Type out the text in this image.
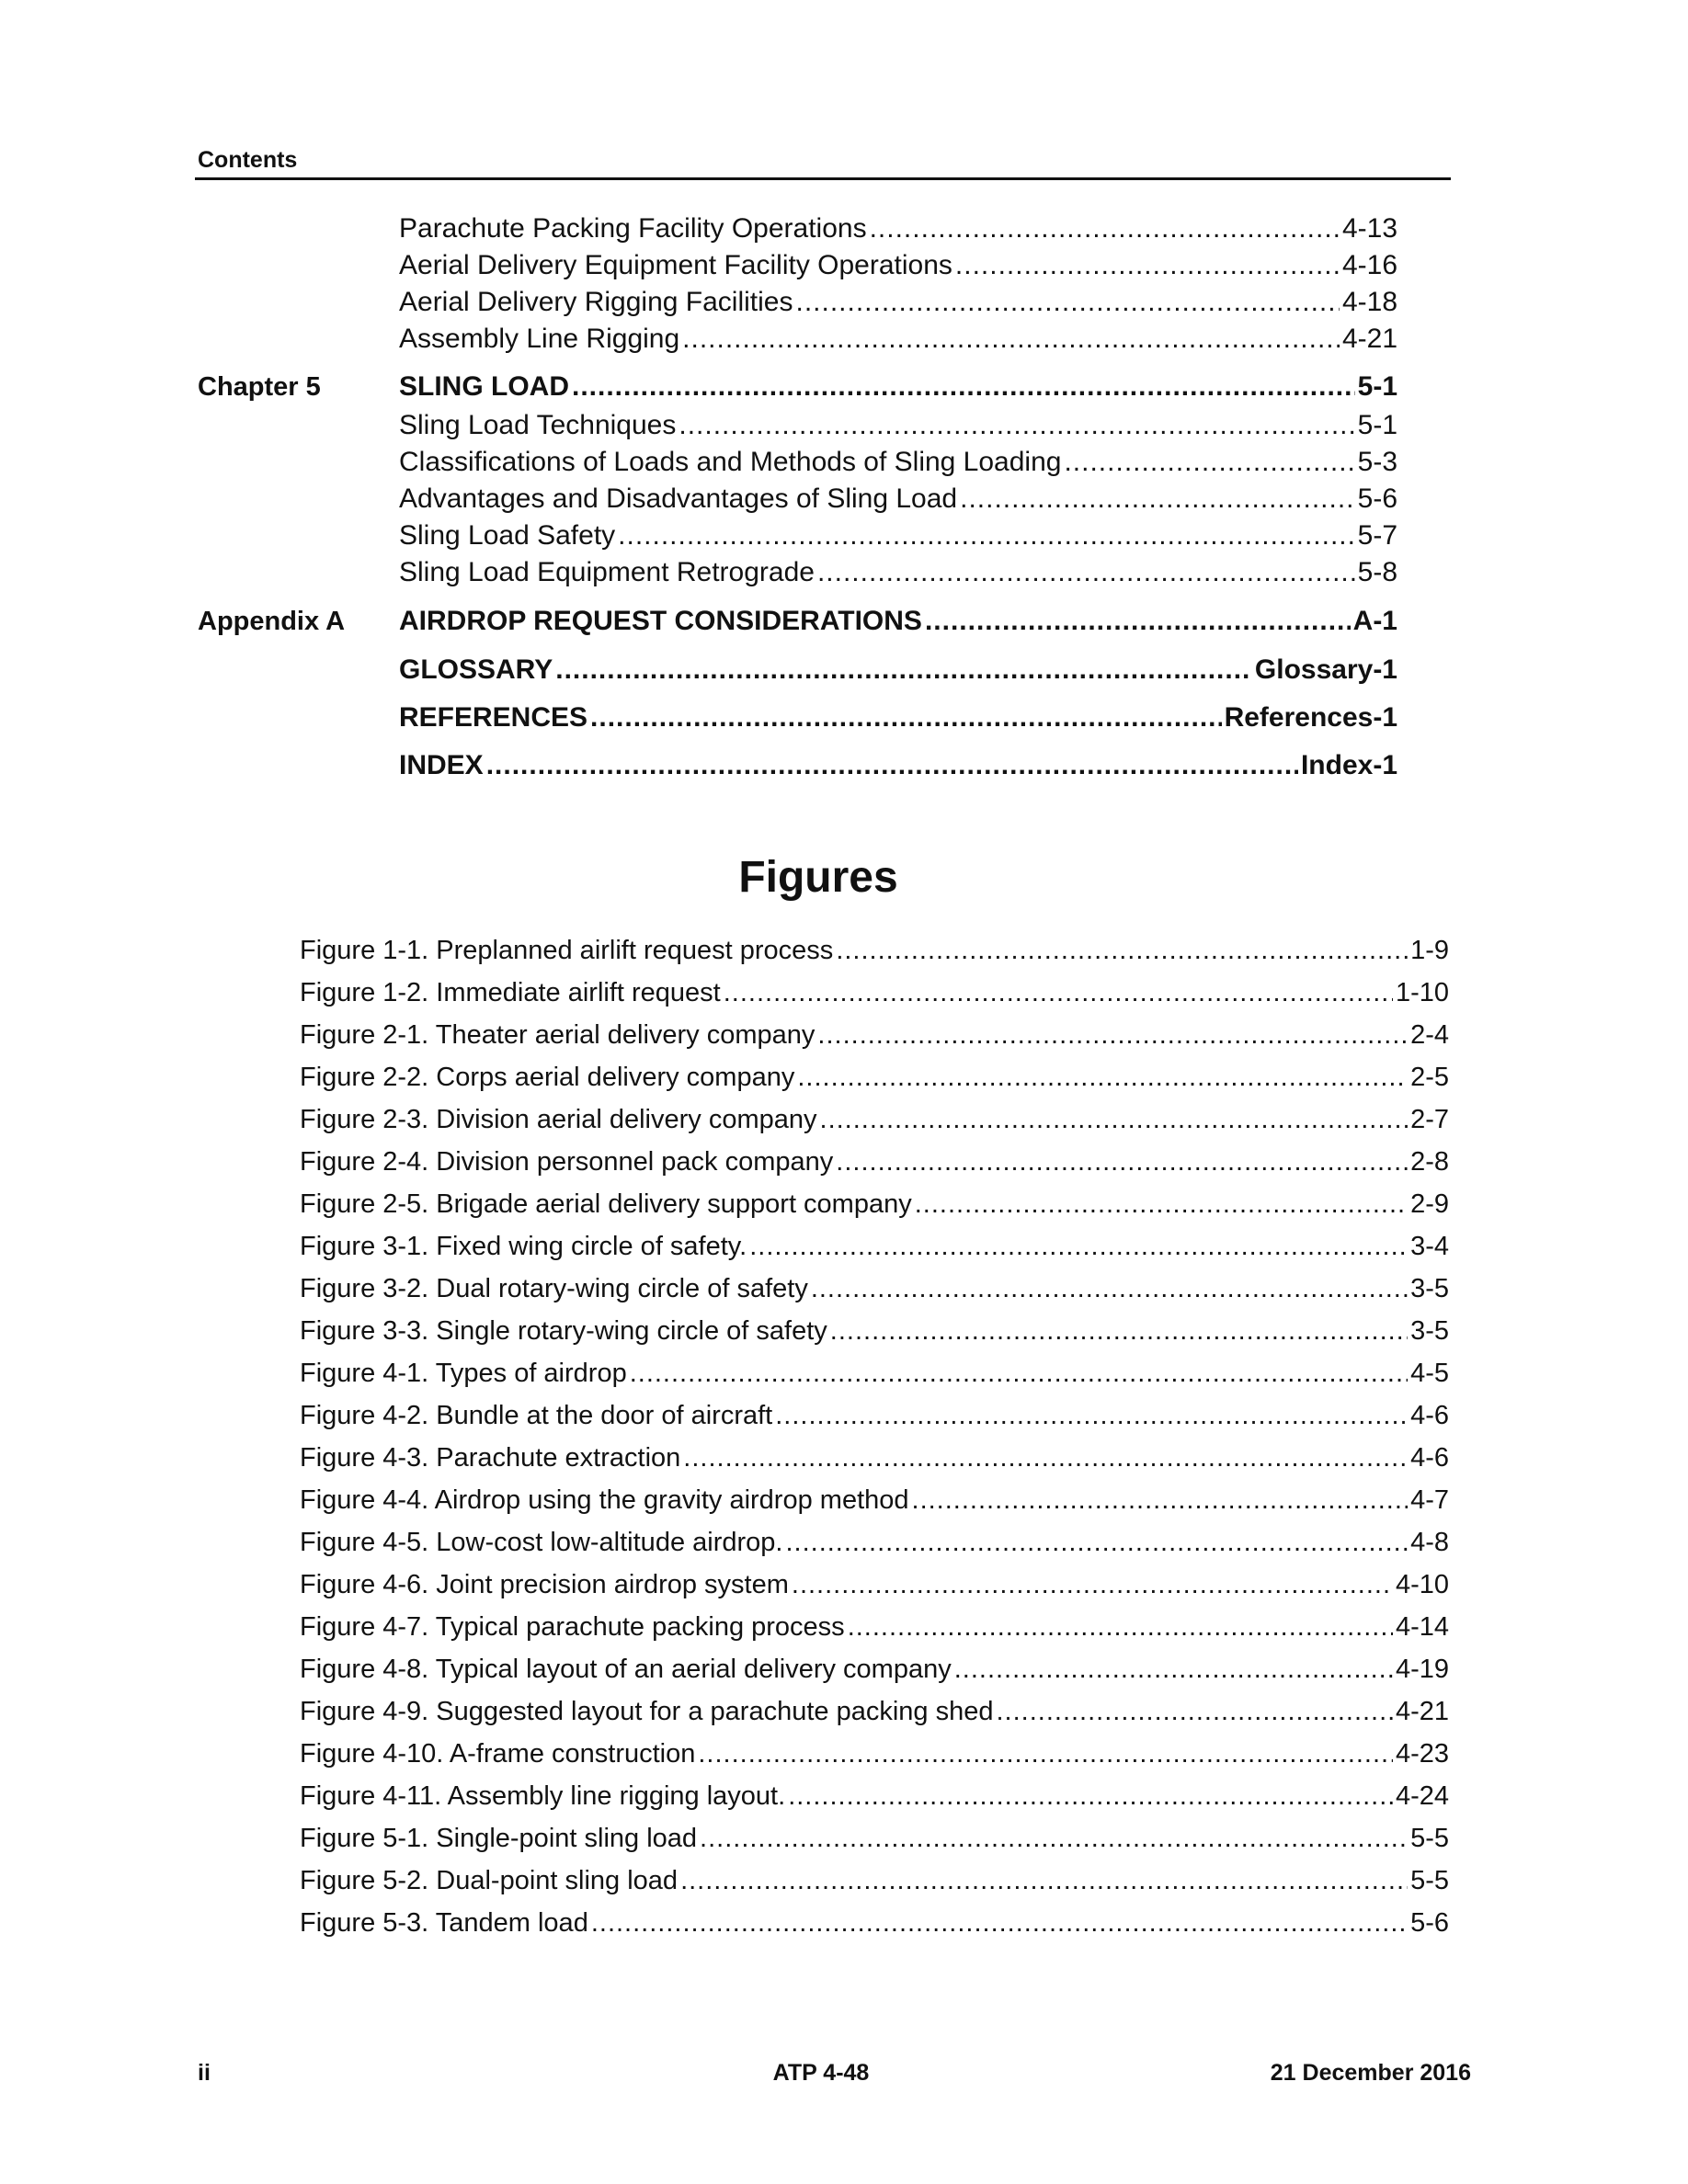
Contents
Parachute Packing Facility Operations .....	4-13
Aerial Delivery Equipment Facility Operations .....	4-16
Aerial Delivery Rigging Facilities .....	4-18
Assembly Line Rigging .....	4-21
Chapter 5	SLING LOAD .....	5-1
Sling Load Techniques .....	5-1
Classifications of Loads and Methods of Sling Loading .....	5-3
Advantages and Disadvantages of Sling Load .....	5-6
Sling Load Safety .....	5-7
Sling Load Equipment Retrograde .....	5-8
Appendix A	AIRDROP REQUEST CONSIDERATIONS .....	A-1
GLOSSARY .....	Glossary-1
REFERENCES .....	References-1
INDEX .....	Index-1
Figures
Figure 1-1. Preplanned airlift request process .....	1-9
Figure 1-2. Immediate airlift request .....	1-10
Figure 2-1. Theater aerial delivery company .....	2-4
Figure 2-2. Corps aerial delivery company .....	2-5
Figure 2-3. Division aerial delivery company .....	2-7
Figure 2-4. Division personnel pack company .....	2-8
Figure 2-5. Brigade aerial delivery support company .....	2-9
Figure 3-1. Fixed wing circle of safety. .....	3-4
Figure 3-2. Dual rotary-wing circle of safety .....	3-5
Figure 3-3. Single rotary-wing circle of safety .....	3-5
Figure 4-1. Types of airdrop .....	4-5
Figure 4-2. Bundle at the door of aircraft .....	4-6
Figure 4-3. Parachute extraction .....	4-6
Figure 4-4. Airdrop using the gravity airdrop method .....	4-7
Figure 4-5. Low-cost low-altitude airdrop. .....	4-8
Figure 4-6. Joint precision airdrop system .....	4-10
Figure 4-7. Typical parachute packing process .....	4-14
Figure 4-8. Typical layout of an aerial delivery company .....	4-19
Figure 4-9. Suggested layout for a parachute packing shed .....	4-21
Figure 4-10. A-frame construction .....	4-23
Figure 4-11. Assembly line rigging layout. .....	4-24
Figure 5-1. Single-point sling load .....	5-5
Figure 5-2. Dual-point sling load .....	5-5
Figure 5-3. Tandem load .....	5-6
ii	ATP 4-48	21 December 2016
